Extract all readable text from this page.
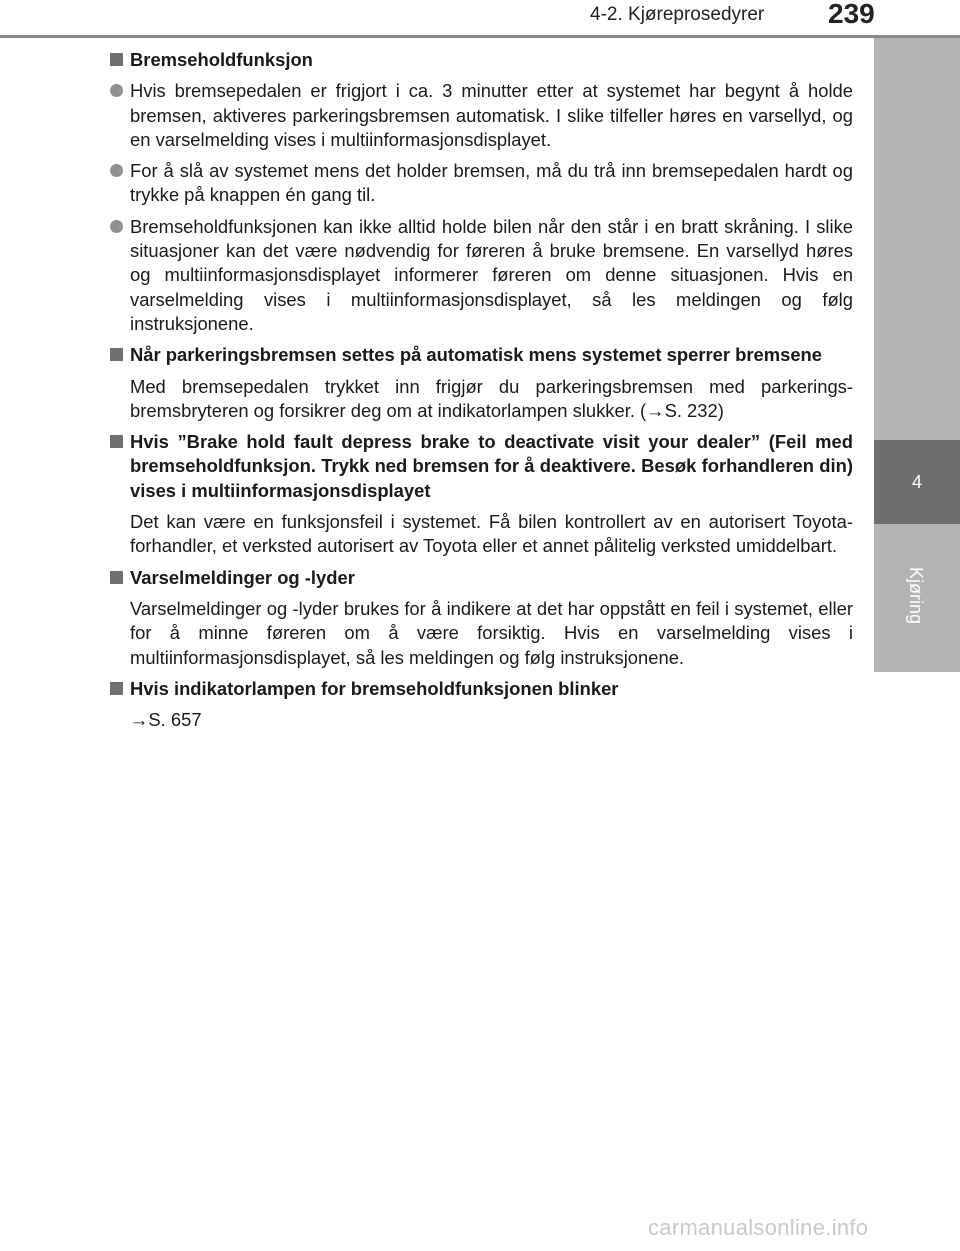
4-2. Kjøreprosedyrer 239
4
Kjøring
Bremseholdfunksjon
Hvis bremsepedalen er frigjort i ca. 3 minutter etter at systemet har begynt å holde bremsen, aktiveres parkeringsbremsen automatisk. I slike tilfeller høres en varsellyd, og en varselmelding vises i multiinformasjonsdisplayet.
For å slå av systemet mens det holder bremsen, må du trå inn bremsepedalen hardt og trykke på knappen én gang til.
Bremseholdfunksjonen kan ikke alltid holde bilen når den står i en bratt skråning. I slike situasjoner kan det være nødvendig for føreren å bruke bremsene. En varsellyd høres og multiinformasjonsdisplayet informerer føreren om denne situasjonen. Hvis en varselmelding vises i multiinformasjonsdisplayet, så les meldingen og følg instruksjonene.
Når parkeringsbremsen settes på automatisk mens systemet sperrer bremsene
Med bremsepedalen trykket inn frigjør du parkeringsbremsen med parkeringsbremsbryteren og forsikrer deg om at indikatorlampen slukker. (→S. 232)
Hvis ”Brake hold fault depress brake to deactivate visit your dealer” (Feil med bremseholdfunksjon. Trykk ned bremsen for å deaktivere. Besøk forhandleren din) vises i multiinformasjonsdisplayet
Det kan være en funksjonsfeil i systemet. Få bilen kontrollert av en autorisert Toyota-forhandler, et verksted autorisert av Toyota eller et annet pålitelig verksted umiddelbart.
Varselmeldinger og -lyder
Varselmeldinger og -lyder brukes for å indikere at det har oppstått en feil i systemet, eller for å minne føreren om å være forsiktig. Hvis en varselmelding vises i multiinformasjonsdisplayet, så les meldingen og følg instruksjonene.
Hvis indikatorlampen for bremseholdfunksjonen blinker
→S. 657
carmanualsonline.info
